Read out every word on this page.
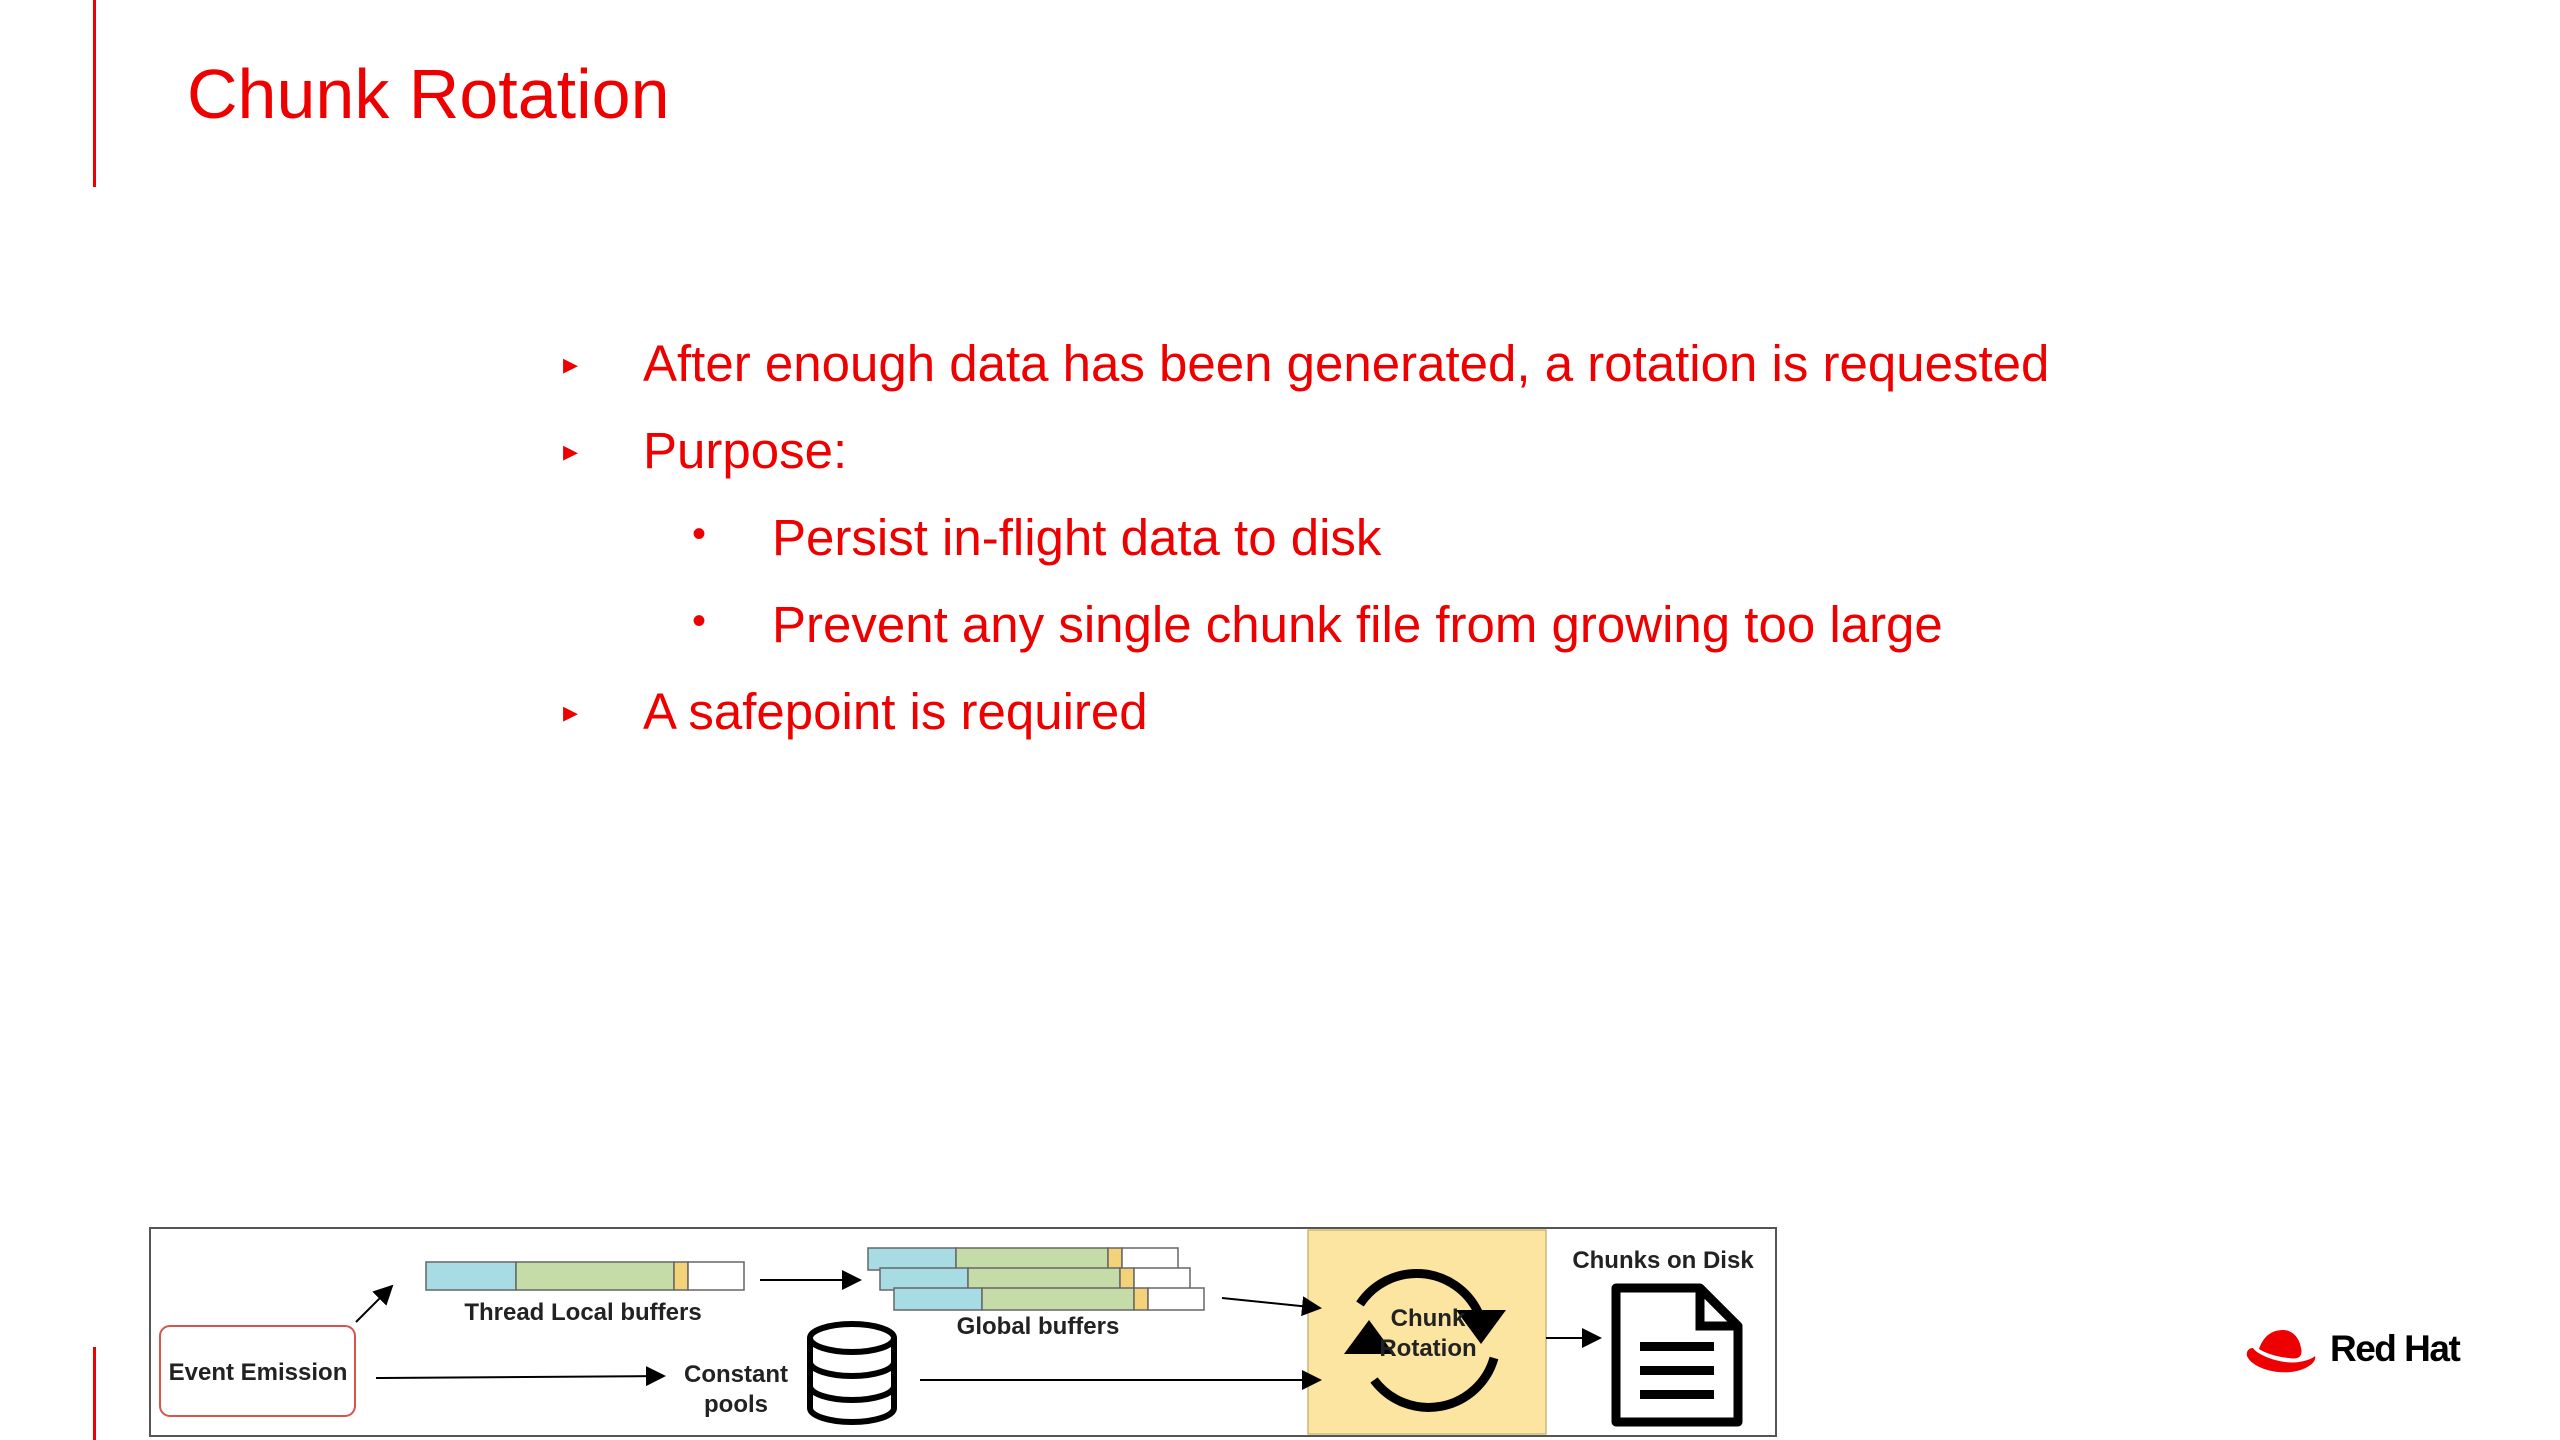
Chunk Rotation
▸ After enough data has been generated, a rotation is requested
▸ Purpose:
• Persist in-flight data to disk
• Prevent any single chunk file from growing too large
▸ A safepoint is required
Event Emission
Thread Local buffers
Global buffers
Constant
pools
Chunk
Rotation
Chunks on Disk
Red Hat
